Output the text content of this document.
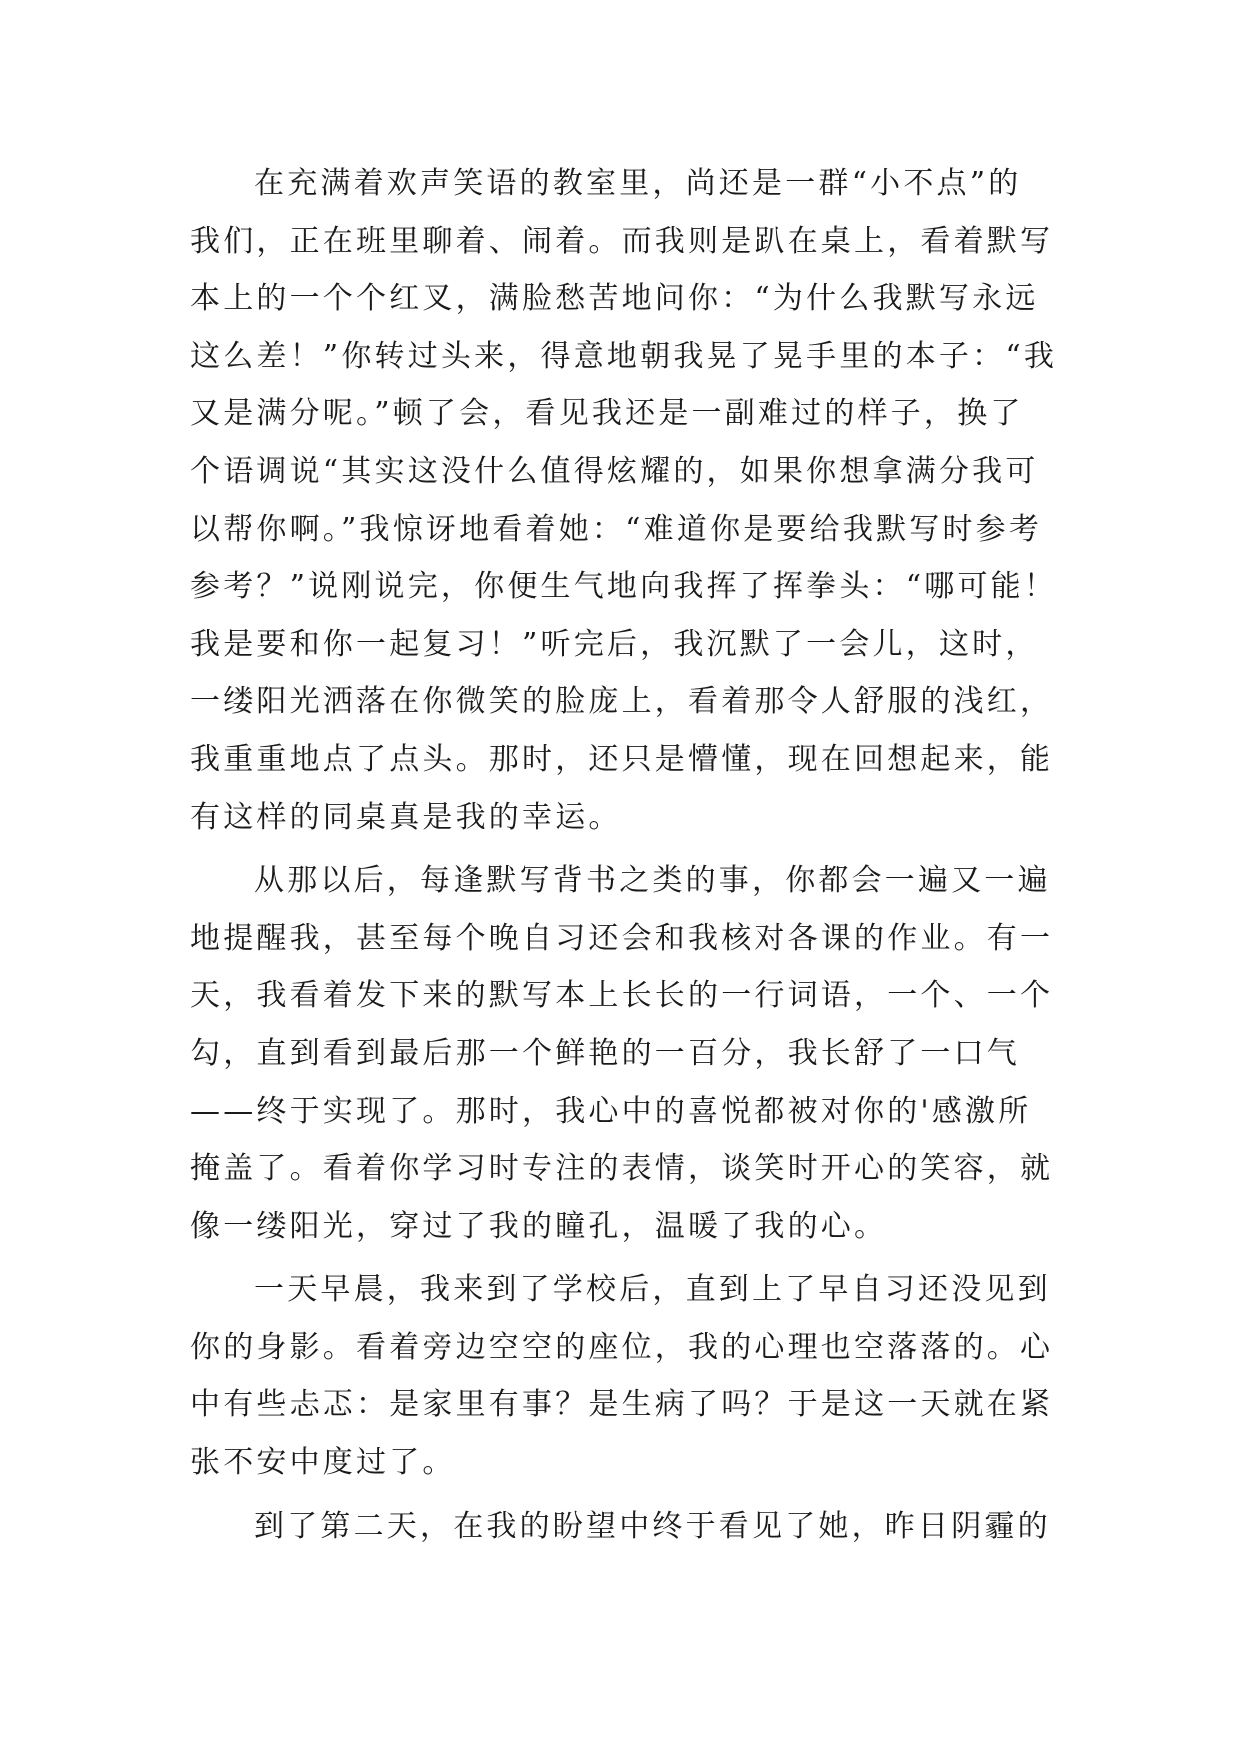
在充满着欢声笑语的教室里，尚还是一群“小不点”的
我们，正在班里聊着、闹着。而我则是趴在桌上，看着默写
本上的一个个红叉，满脸愁苦地问你：“为什么我默写永远
这么差！”你转过头来，得意地朝我晃了晃手里的本子：“我
又是满分呢。”顿了会，看见我还是一副难过的样子，换了
个语调说“其实这没什么值得炫耀的，如果你想拿满分我可
以帮你啊。”我惊讶地看着她：“难道你是要给我默写时参考
参考？”说刚说完，你便生气地向我挥了挥拳头：“哪可能！
我是要和你一起复习！”听完后，我沉默了一会儿，这时，
一缕阳光洒落在你微笑的脸庞上，看着那令人舒服的浅红，
我重重地点了点头。那时，还只是懵懂，现在回想起来，能
有这样的同桌真是我的幸运。
从那以后，每逢默写背书之类的事，你都会一遍又一遍
地提醒我，甚至每个晚自习还会和我核对各课的作业。有一
天，我看着发下来的默写本上长长的一行词语，一个、一个
勾，直到看到最后那一个鲜艳的一百分，我长舒了一口气
——终于实现了。那时，我心中的喜悦都被对你的'感激所
掩盖了。看着你学习时专注的表情，谈笑时开心的笑容，就
像一缕阳光，穿过了我的瞳孔，温暖了我的心。
一天早晨，我来到了学校后，直到上了早自习还没见到
你的身影。看着旁边空空的座位，我的心理也空落落的。心
中有些忐忑：是家里有事？是生病了吗？于是这一天就在紧
张不安中度过了。
到了第二天，在我的盼望中终于看见了她，昨日阴霾的
